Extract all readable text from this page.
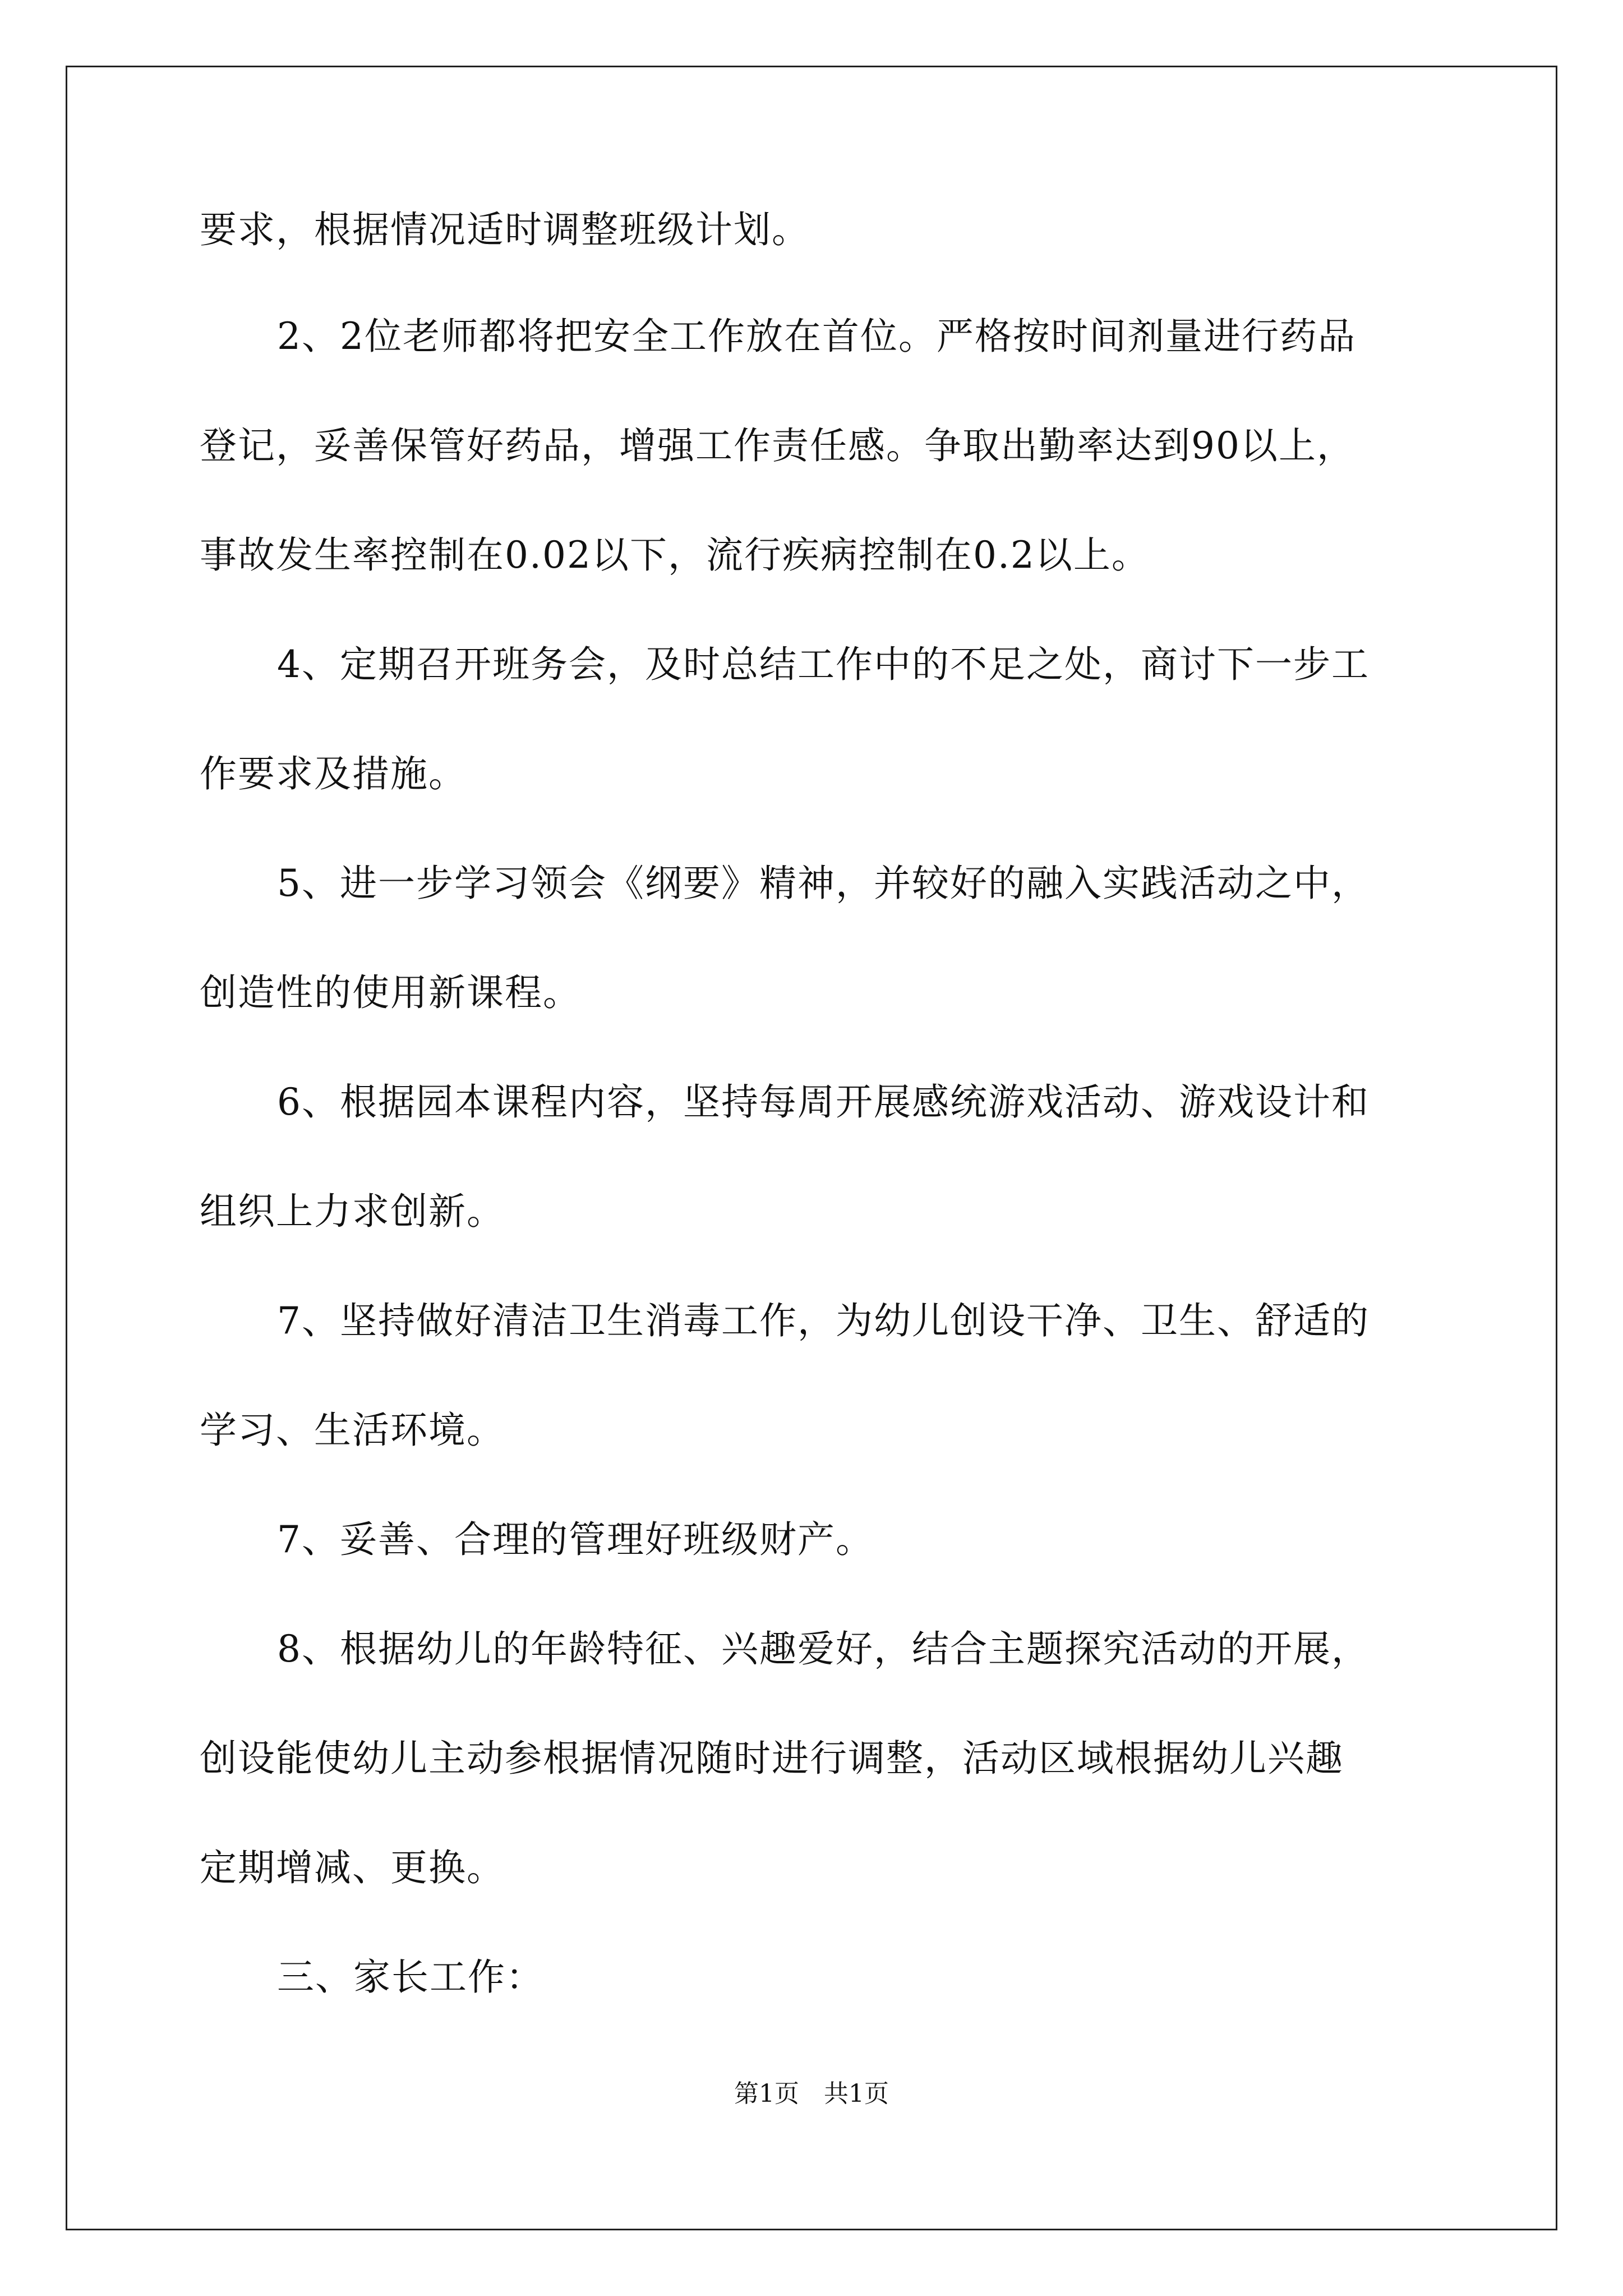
要求，根据情况适时调整班级计划。
2、2位老师都将把安全工作放在首位。严格按时间剂量进行药品
登记，妥善保管好药品，增强工作责任感。争取出勤率达到90以上，
事故发生率控制在0.02以下，流行疾病控制在0.2以上。
4、定期召开班务会，及时总结工作中的不足之处，商讨下一步工
作要求及措施。
5、进一步学习领会《纲要》精神，并较好的融入实践活动之中，
创造性的使用新课程。
6、根据园本课程内容，坚持每周开展感统游戏活动、游戏设计和
组织上力求创新。
7、坚持做好清洁卫生消毒工作，为幼儿创设干净、卫生、舒适的
学习、生活环境。
7、妥善、合理的管理好班级财产。
8、根据幼儿的年龄特征、兴趣爱好，结合主题探究活动的开展，
创设能使幼儿主动参根据情况随时进行调整，活动区域根据幼儿兴趣
定期增减、更换。
三、家长工作：
第1页　共1页
